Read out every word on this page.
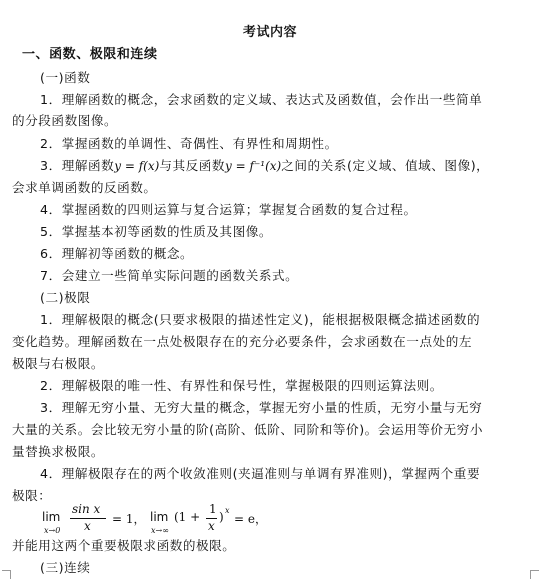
考试内容
一、函数、极限和连续
(一)函数
1．理解函数的概念，会求函数的定义域、表达式及函数值，会作出一些简单
的分段函数图像。
2．掌握函数的单调性、奇偶性、有界性和周期性。
3．理解函数y = f(x)与其反函数y = f⁻¹(x)之间的关系(定义域、值域、图像)，
会求单调函数的反函数。
4．掌握函数的四则运算与复合运算；掌握复合函数的复合过程。
5．掌握基本初等函数的性质及其图像。
6．理解初等函数的概念。
7．会建立一些简单实际问题的函数关系式。
(二)极限
1．理解极限的概念(只要求极限的描述性定义)，能根据极限概念描述函数的
变化趋势。理解函数在一点处极限存在的充分必要条件，会求函数在一点处的左
极限与右极限。
2．理解极限的唯一性、有界性和保号性，掌握极限的四则运算法则。
3．理解无穷小量、无穷大量的概念，掌握无穷小量的性质，无穷小量与无穷
大量的关系。会比较无穷小量的阶(高阶、低阶、同阶和等价)。会运用等价无穷小
量替换求极限。
4．理解极限存在的两个收敛准则(夹逼准则与单调有界准则)，掌握两个重要
极限：
lim
x→0
sin x
x = 1， lim
x→∞
(1 +
1
x
) x
= e，
并能用这两个重要极限求函数的极限。
(三)连续
